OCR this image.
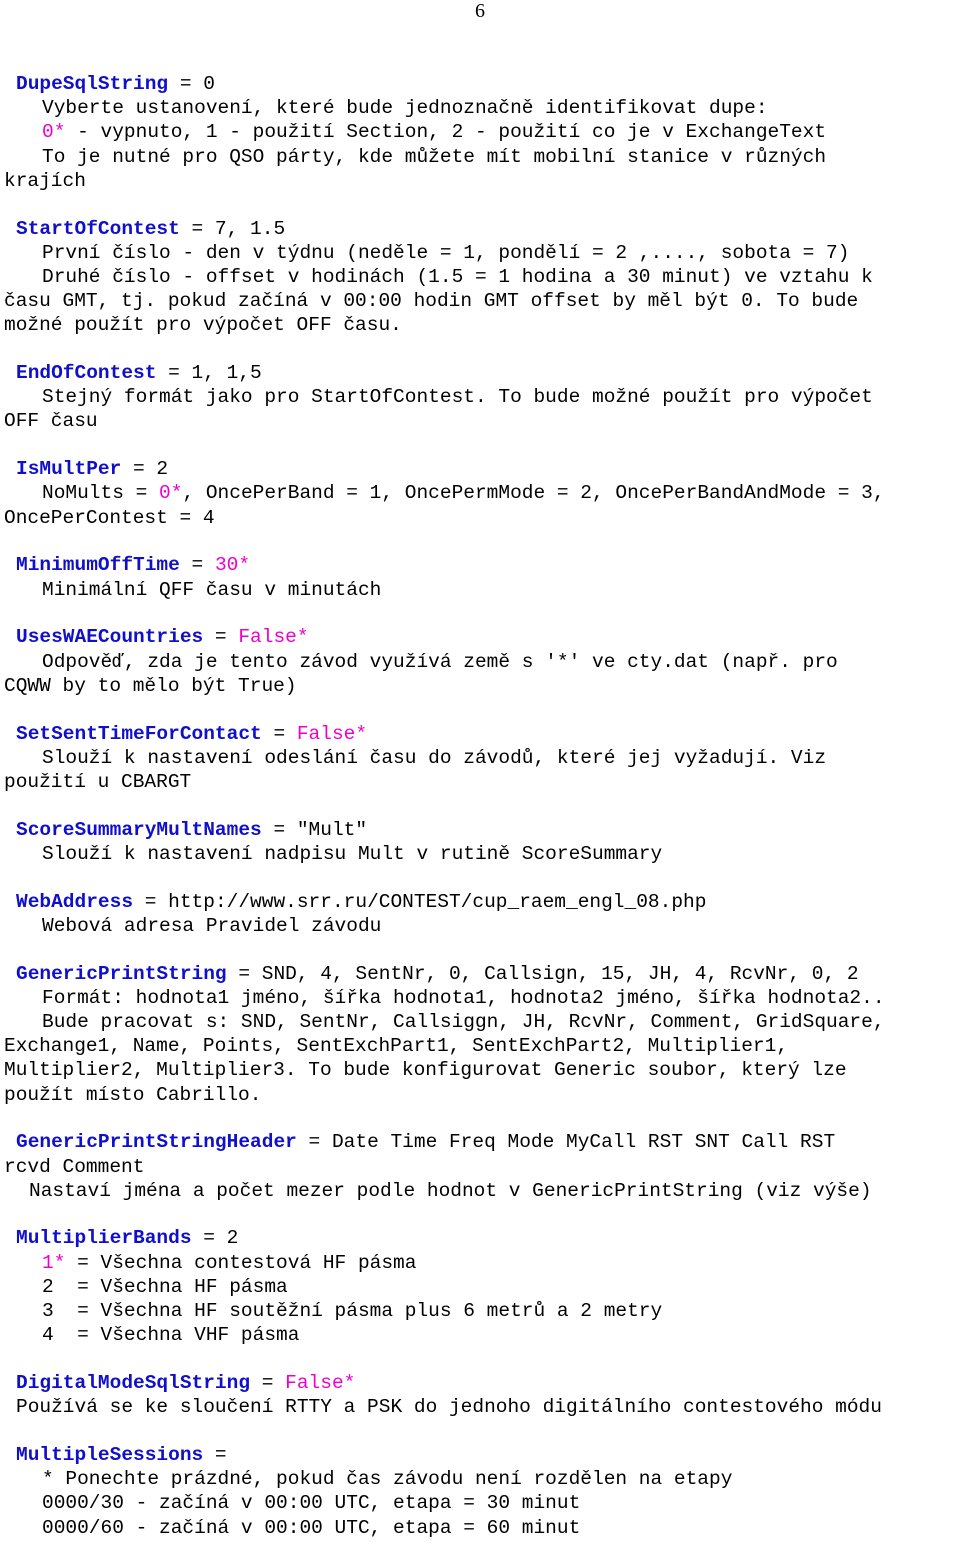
6
DupeSqlString = 0
Vyberte ustanovení, které bude jednoznačně identifikovat dupe:
0* - vypnuto, 1 - použití Section, 2 - použití co je v ExchangeText
To je nutné pro QSO párty, kde můžete mít mobilní stanice v různých
krajích
StartOfContest = 7, 1.5
První číslo - den v týdnu (neděle = 1, pondělí = 2 ,...., sobota = 7)
Druhé číslo - offset v hodinách (1.5 = 1 hodina a 30 minut) ve vztahu k
času GMT, tj. pokud začíná v 00:00 hodin GMT offset by měl být 0. To bude
možné použít pro výpočet OFF času.
EndOfContest = 1, 1,5
Stejný formát jako pro StartOfContest. To bude možné použít pro výpočet
OFF času
IsMultPer = 2
NoMults = 0*, OncePerBand = 1, OncePermMode = 2, OncePerBandAndMode = 3,
OncePerContest = 4
MinimumOffTime = 30*
Minimální QFF času v minutách
UsesWAECountries = False*
Odpověď, zda je tento závod využívá země s '*' ve cty.dat (např. pro
CQWW by to mělo být True)
SetSentTimeForContact = False*
Slouží k nastavení odeslání času do závodů, které jej vyžadují. Viz
použití u CBARGT
ScoreSummaryMultNames = "Mult"
Slouží k nastavení nadpisu Mult v rutině ScoreSummary
WebAddress = http://www.srr.ru/CONTEST/cup_raem_engl_08.php
Webová adresa Pravidel závodu
GenericPrintString = SND, 4, SentNr, 0, Callsign, 15, JH, 4, RcvNr, 0, 2
Formát: hodnota1 jméno, šířka hodnota1, hodnota2 jméno, šířka hodnota2..
Bude pracovat s: SND, SentNr, Callsiggn, JH, RcvNr, Comment, GridSquare,
Exchange1, Name, Points, SentExchPart1, SentExchPart2, Multiplier1,
Multiplier2, Multiplier3. To bude konfigurovat Generic soubor, který lze
použít místo Cabrillo.
GenericPrintStringHeader = Date Time Freq Mode MyCall RST SNT Call RST
rcvd Comment
Nastaví jména a počet mezer podle hodnot v GenericPrintString (viz výše)
MultiplierBands = 2
1* = Všechna contestová HF pásma
2  = Všechna HF pásma
3  = Všechna HF soutěžní pásma plus 6 metrů a 2 metry
4  = Všechna VHF pásma
DigitalModeSqlString = False*
Používá se ke sloučení RTTY a PSK do jednoho digitálního contestového módu
MultipleSessions =
* Ponechte prázdné, pokud čas závodu není rozdělen na etapy
0000/30 - začíná v 00:00 UTC, etapa = 30 minut
0000/60 - začíná v 00:00 UTC, etapa = 60 minut
